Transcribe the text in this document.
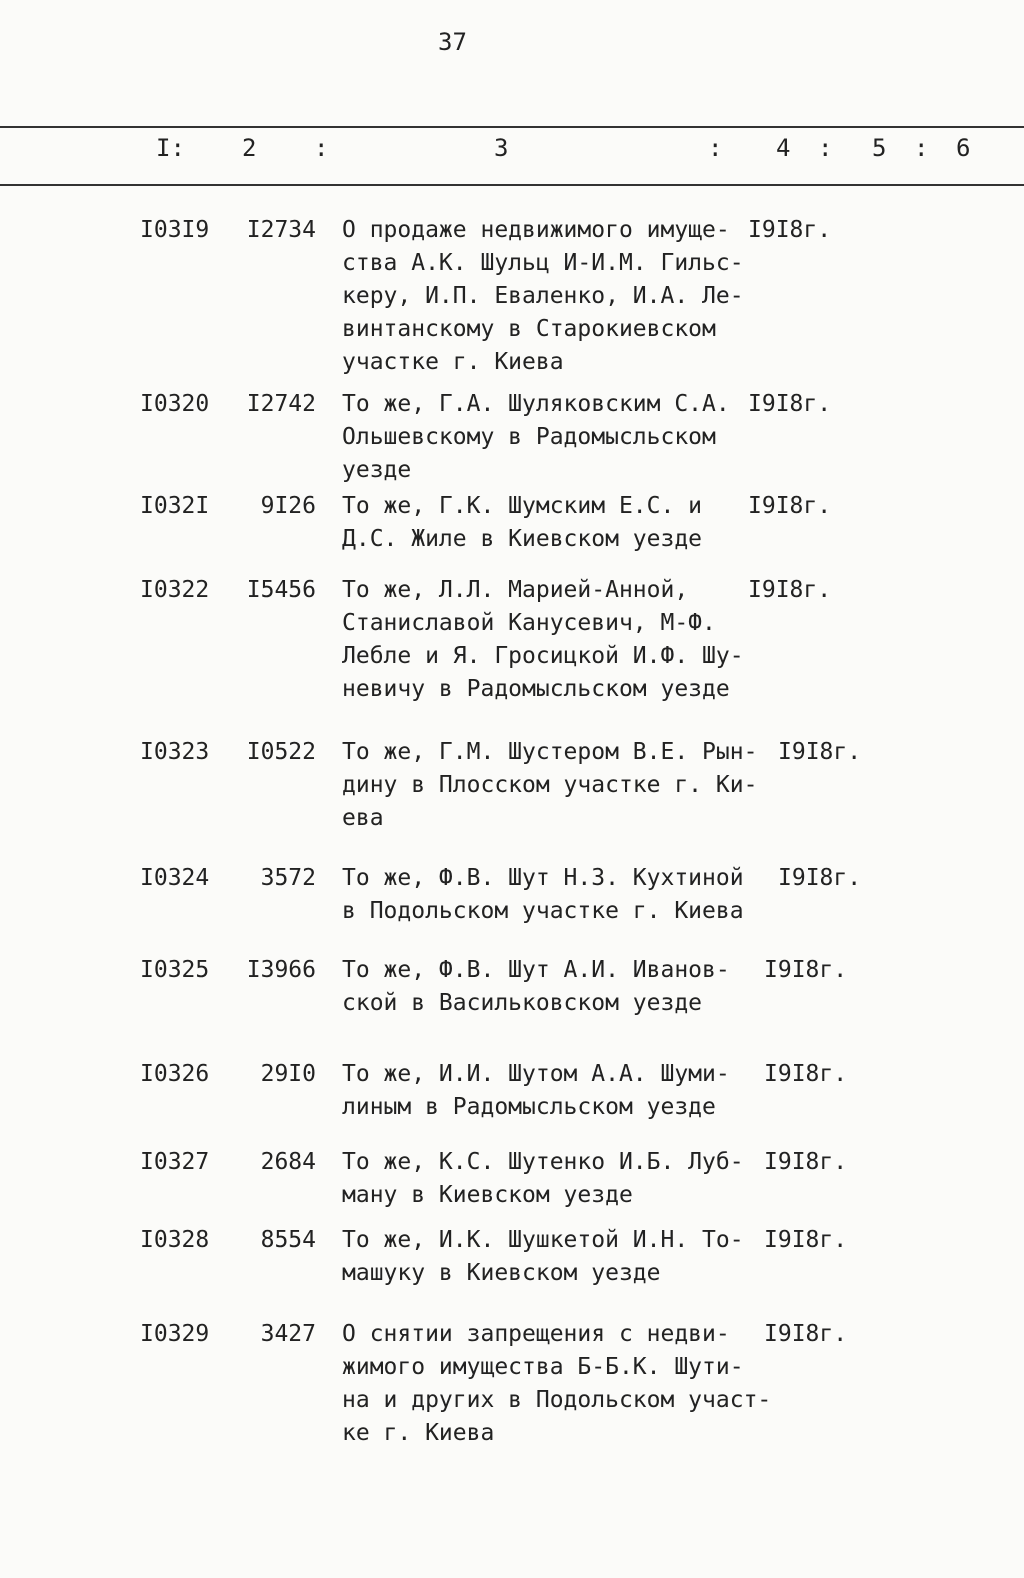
37
I: 2 :	3	: 4 : 5 : 6
I03I9	I2734 О продаже недвижимого имуще-
ства А.К. Шульц И-И.М. Гильс-
керу, И.П. Еваленко, И.А. Ле-
винтанскому в Старокиевском
участке г. Киева
I9I8г.
I0320	I2742 То же, Г.А. Шуляковским С.А.
Ольшевскому в Радомысльском
уезде
I9I8г.
I032I	9I26 То же, Г.К. Шумским Е.С. и
Д.С. Жиле в Киевском уезде
I9I8г.
I0322	I5456 То же, Л.Л. Марией-Анной,
Станиславой Канусевич, М-Ф.
Лебле и Я. Гросицкой И.Ф. Шу-
невичу в Радомысльском уезде
I9I8г.
I0323	I0522 То же, Г.М. Шустером В.Е. Рын-
дину в Плосском участке г. Ки-
ева
I9I8г.
I0324	3572 То же, Ф.В. Шут Н.З. Кухтиной
в Подольском участке г. Киева
I9I8г.
I0325	I3966 То же, Ф.В. Шут А.И. Иванов-
ской в Васильковском уезде
I9I8г.
I0326	29I0 То же, И.И. Шутом А.А. Шуми-
линым в Радомысльском уезде
I9I8г.
I0327	2684 То же, К.С. Шутенко И.Б. Луб-
ману в Киевском уезде
I9I8г.
I0328	8554 То же, И.К. Шушкетой И.Н. То-
машуку в Киевском уезде
I9I8г.
I0329	3427 О снятии запрещения с недви-
жимого имущества Б-Б.К. Шути-
на и других в Подольском участ-
ке г. Киева
I9I8г.
